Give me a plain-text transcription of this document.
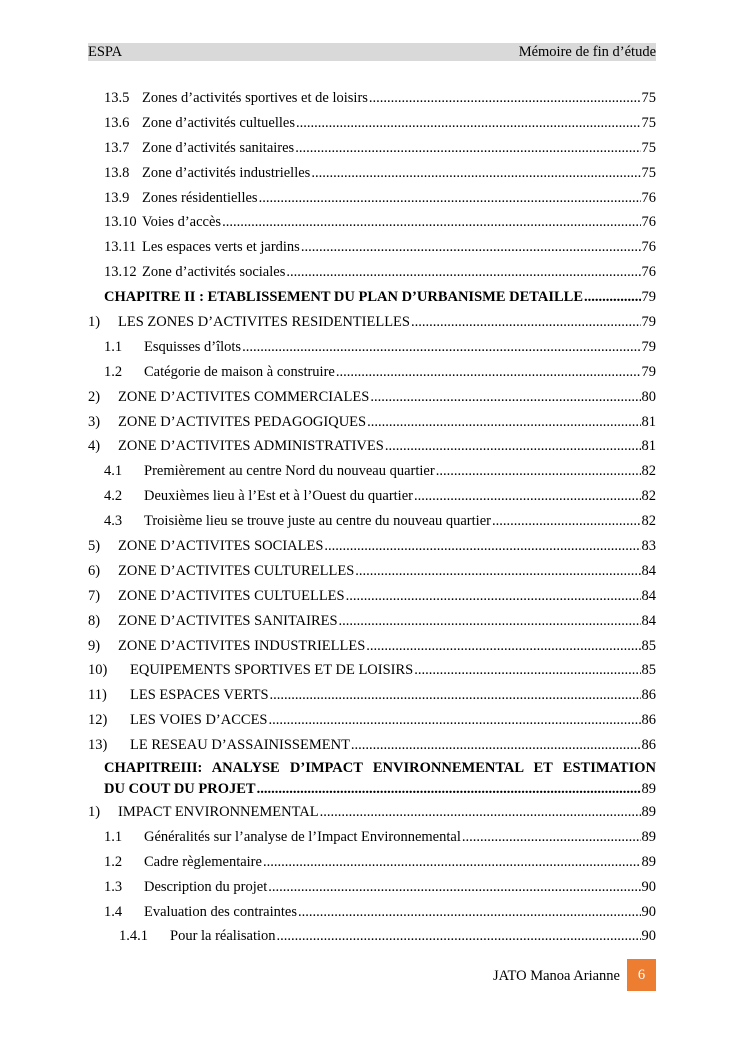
ESPA	Mémoire de fin d’étude
13.5 Zones d’activités sportives et de loisirs .....	75
13.6 Zone d’activités cultuelles .....	75
13.7 Zone d’activités sanitaires .....	75
13.8 Zone d’activités industrielles .....	75
13.9 Zones résidentielles .....	76
13.10 Voies d’accès .....	76
13.11 Les espaces verts et jardins .....	76
13.12 Zone d’activités sociales .....	76
CHAPITRE II : ETABLISSEMENT DU PLAN D’URBANISME DETAILLE .....	79
1)	LES ZONES D’ACTIVITES RESIDENTIELLES .....	79
1.1	Esquisses d’îlots .....	79
1.2	Catégorie de maison à construire .....	79
2)	ZONE D’ACTIVITES COMMERCIALES .....	80
3)	ZONE D’ACTIVITES PEDAGOGIQUES .....	81
4)	ZONE D’ACTIVITES ADMINISTRATIVES .....	81
4.1	Premièrement au centre Nord du nouveau quartier .....	82
4.2	Deuxièmes lieu à l’Est et à l’Ouest du quartier .....	82
4.3	Troisième lieu se trouve juste au centre du nouveau quartier .....	82
5)	ZONE D’ACTIVITES SOCIALES .....	83
6)	ZONE D’ACTIVITES CULTURELLES .....	84
7)	ZONE D’ACTIVITES CULTUELLES .....	84
8)	ZONE D’ACTIVITES SANITAIRES .....	84
9)	ZONE D’ACTIVITES INDUSTRIELLES .....	85
10)	EQUIPEMENTS SPORTIVES ET DE LOISIRS .....	85
11)	LES ESPACES VERTS .....	86
12)	LES VOIES D’ACCES .....	86
13)	LE RESEAU D’ASSAINISSEMENT .....	86
CHAPITREIII: ANALYSE D’IMPACT ENVIRONNEMENTAL ET ESTIMATION
DU COUT DU PROJET .....	89
1)	IMPACT ENVIRONNEMENTAL .....	89
1.1	Généralités sur l’analyse de l’Impact Environnemental .....	89
1.2	Cadre règlementaire .....	89
1.3	Description du projet .....	90
1.4	Evaluation des contraintes .....	90
1.4.1	Pour la réalisation .....	90
JATO Manoa Arianne	6
